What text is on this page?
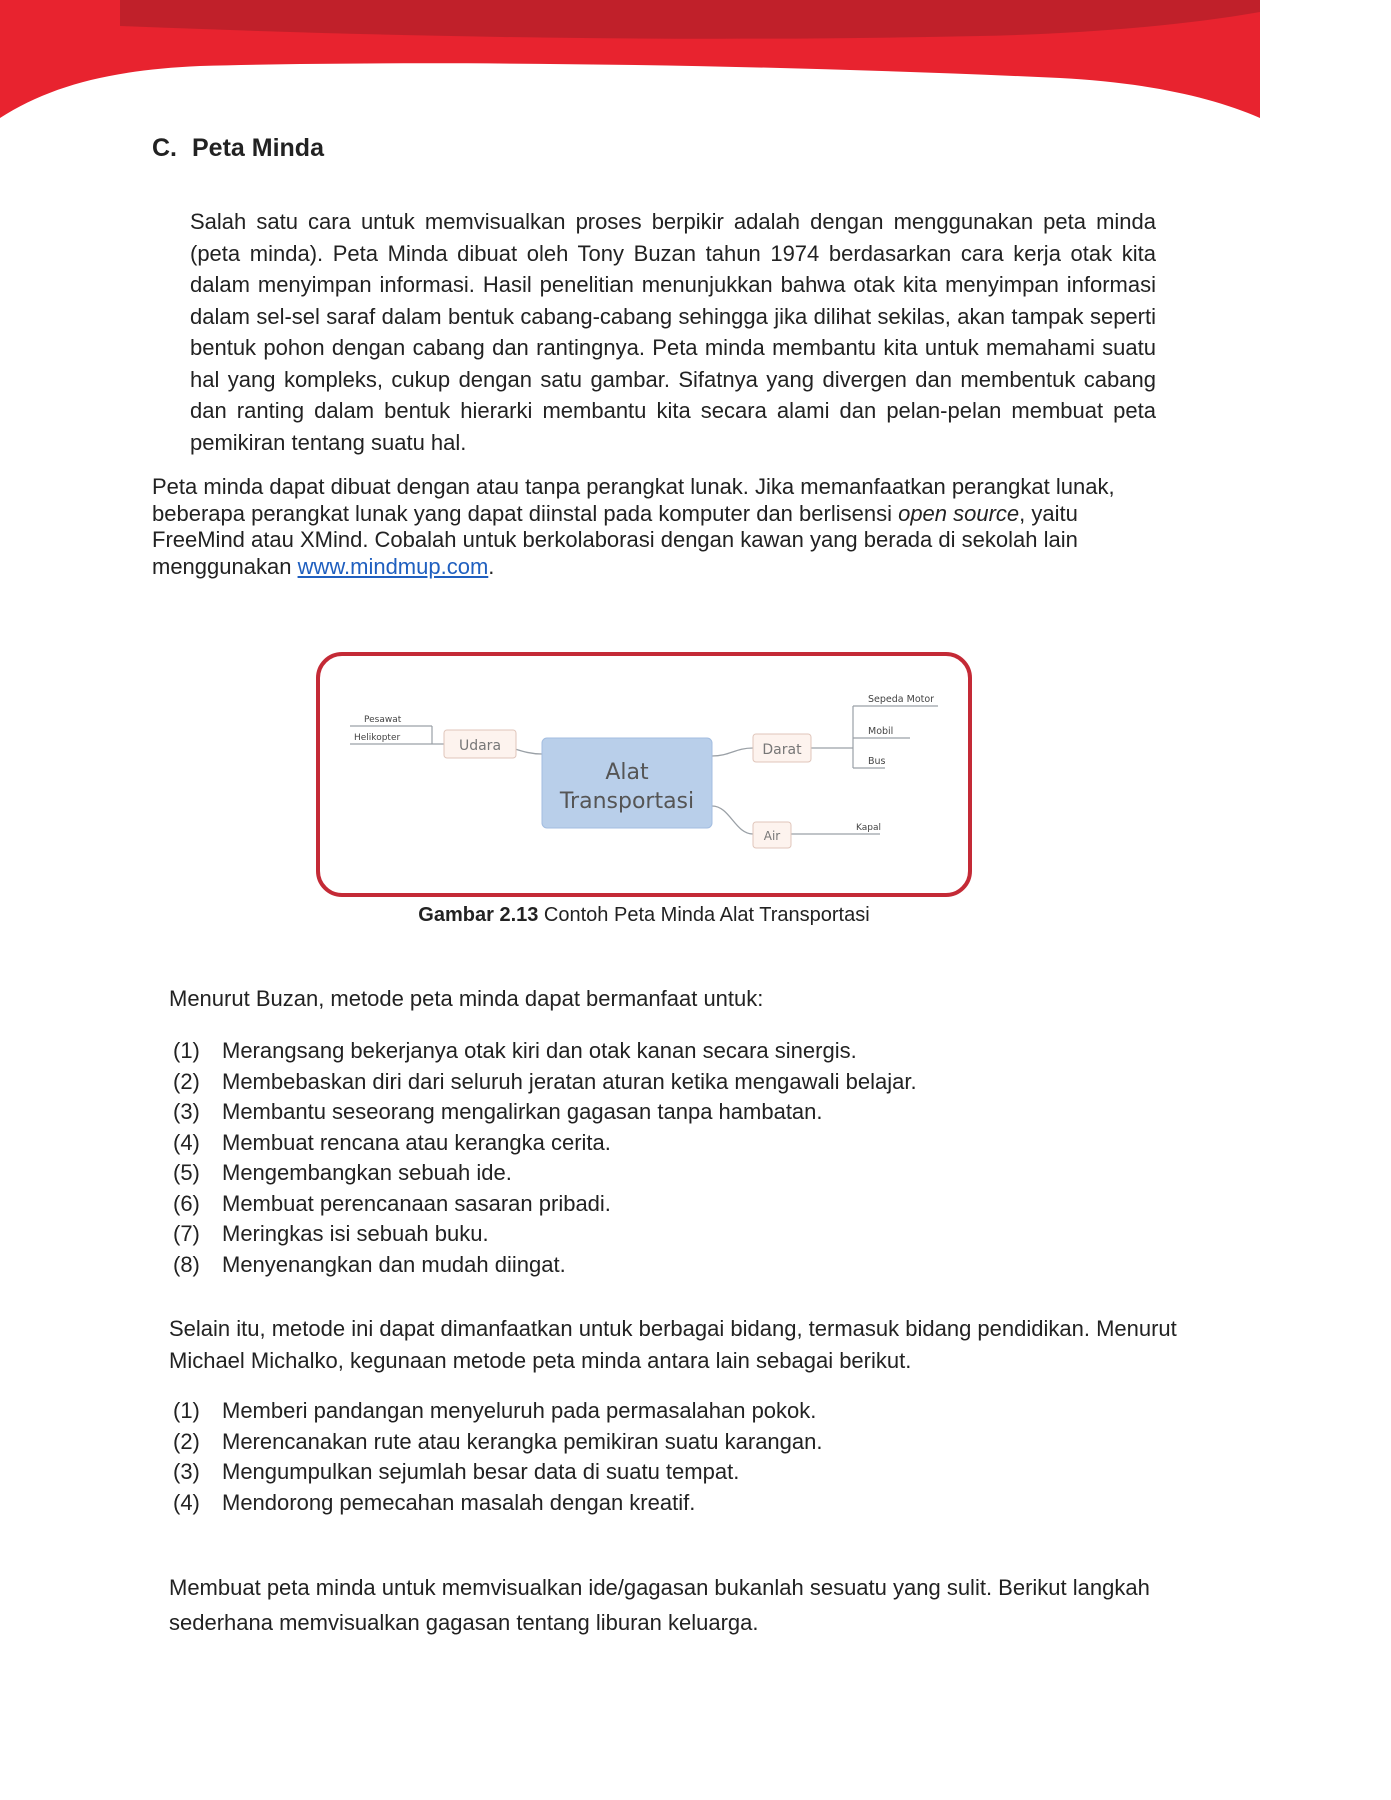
C. Peta Minda

Salah satu cara untuk memvisualkan proses berpikir adalah dengan menggunakan peta minda (peta minda). Peta Minda dibuat oleh Tony Buzan tahun 1974 berdasarkan cara kerja otak kita dalam menyimpan informasi. Hasil penelitian menunjukkan bahwa otak kita menyimpan informasi dalam sel-sel saraf dalam bentuk cabang-cabang sehingga jika dilihat sekilas, akan tampak seperti bentuk pohon dengan cabang dan rantingnya. Peta minda membantu kita untuk memahami suatu hal yang kompleks, cukup dengan satu gambar. Sifatnya yang divergen dan membentuk cabang dan ranting dalam bentuk hierarki membantu kita secara alami dan pelan-pelan membuat peta pemikiran tentang suatu hal.

Peta minda dapat dibuat dengan atau tanpa perangkat lunak. Jika memanfaatkan perangkat lunak, beberapa perangkat lunak yang dapat diinstal pada komputer dan berlisensi open source, yaitu FreeMind atau XMind. Cobalah untuk berkolaborasi dengan kawan yang berada di sekolah lain menggunakan www.mindmup.com.

Alat
Transportasi
Udara	Darat
Air
Pesawat
Helikopter
Sepeda Motor
Mobil
Bus
Kapal
Gambar 2.13 Contoh Peta Minda Alat Transportasi

Menurut Buzan, metode peta minda dapat bermanfaat untuk:

(1) Merangsang bekerjanya otak kiri dan otak kanan secara sinergis.
(2) Membebaskan diri dari seluruh jeratan aturan ketika mengawali belajar.
(3) Membantu seseorang mengalirkan gagasan tanpa hambatan.
(4) Membuat rencana atau kerangka cerita.
(5) Mengembangkan sebuah ide.
(6) Membuat perencanaan sasaran pribadi.
(7) Meringkas isi sebuah buku.
(8) Menyenangkan dan mudah diingat.

Selain itu, metode ini dapat dimanfaatkan untuk berbagai bidang, termasuk bidang pendidikan. Menurut Michael Michalko, kegunaan metode peta minda antara lain sebagai berikut.

(1) Memberi pandangan menyeluruh pada permasalahan pokok.
(2) Merencanakan rute atau kerangka pemikiran suatu karangan.
(3) Mengumpulkan sejumlah besar data di suatu tempat.
(4) Mendorong pemecahan masalah dengan kreatif.

Membuat peta minda untuk memvisualkan ide/gagasan bukanlah sesuatu yang sulit. Berikut langkah sederhana memvisualkan gagasan tentang liburan keluarga.
